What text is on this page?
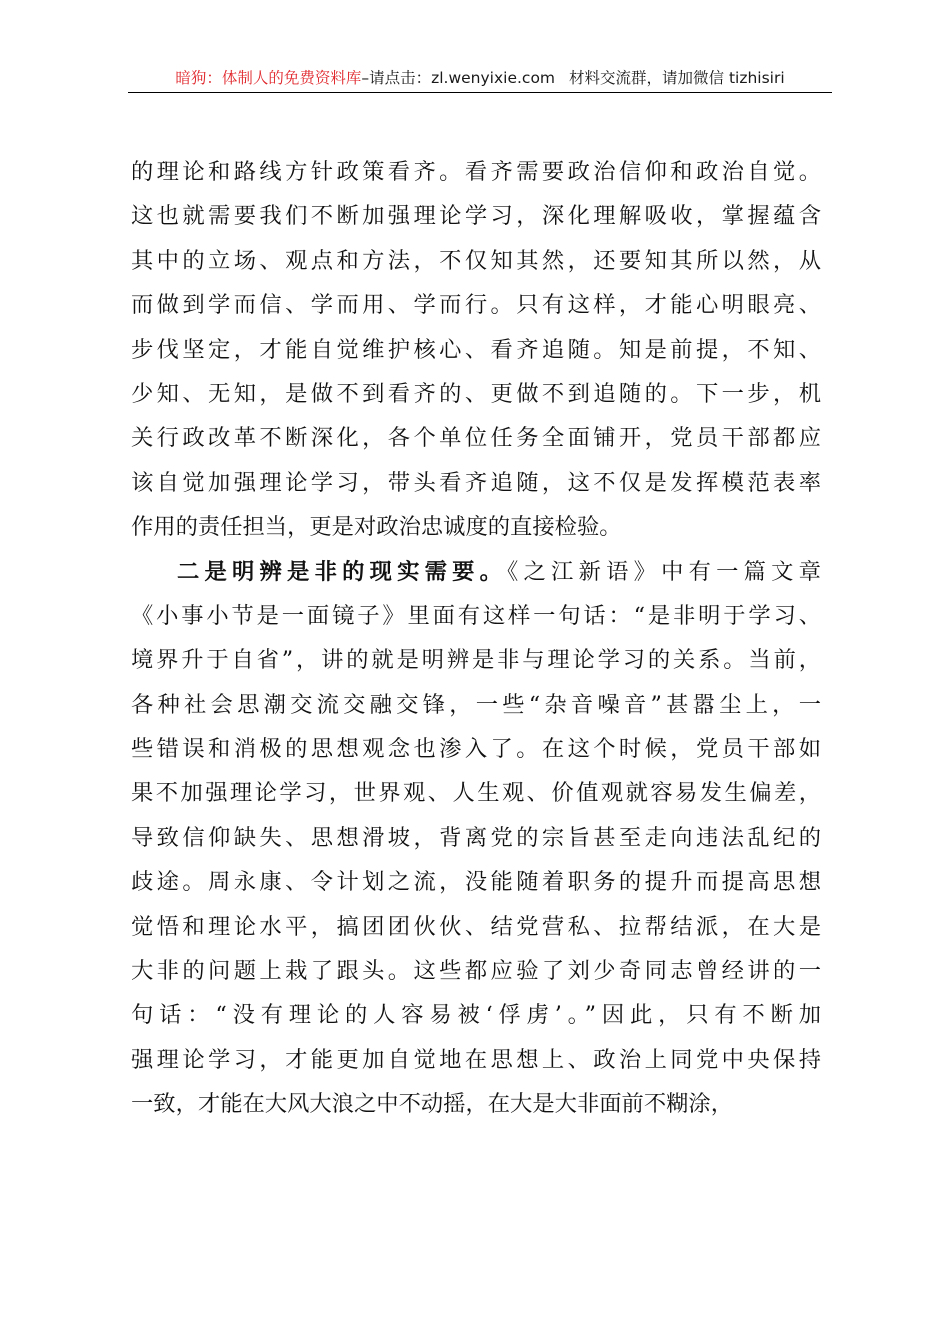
暗狗：体制人的免费资料库–请点击：zl.wenyixie.com 材料交流群，请加微信 tizhisiri
的理论和路线方针政策看齐。看齐需要政治信仰和政治自觉。
这也就需要我们不断加强理论学习，深化理解吸收，掌握蕴含
其中的立场、观点和方法，不仅知其然，还要知其所以然，从
而做到学而信、学而用、学而行。只有这样，才能心明眼亮、
步伐坚定，才能自觉维护核心、看齐追随。知是前提，不知、
少知、无知，是做不到看齐的、更做不到追随的。下一步，机
关行政改革不断深化，各个单位任务全面铺开，党员干部都应
该自觉加强理论学习，带头看齐追随，这不仅是发挥模范表率
作用的责任担当，更是对政治忠诚度的直接检验。
二是明辨是非的现实需要。《之江新语》中有一篇文章
《小事小节是一面镜子》里面有这样一句话：“是非明于学习、
境界升于自省”，讲的就是明辨是非与理论学习的关系。当前，
各种社会思潮交流交融交锋，一些“杂音噪音”甚嚣尘上，一
些错误和消极的思想观念也渗入了。在这个时候，党员干部如
果不加强理论学习，世界观、人生观、价值观就容易发生偏差，
导致信仰缺失、思想滑坡，背离党的宗旨甚至走向违法乱纪的
歧途。周永康、令计划之流，没能随着职务的提升而提高思想
觉悟和理论水平，搞团团伙伙、结党营私、拉帮结派，在大是
大非的问题上栽了跟头。这些都应验了刘少奇同志曾经讲的一
句话：“没有理论的人容易被‘俘虏’。”因此，只有不断加
强理论学习，才能更加自觉地在思想上、政治上同党中央保持
一致，才能在大风大浪之中不动摇，在大是大非面前不糊涂，
